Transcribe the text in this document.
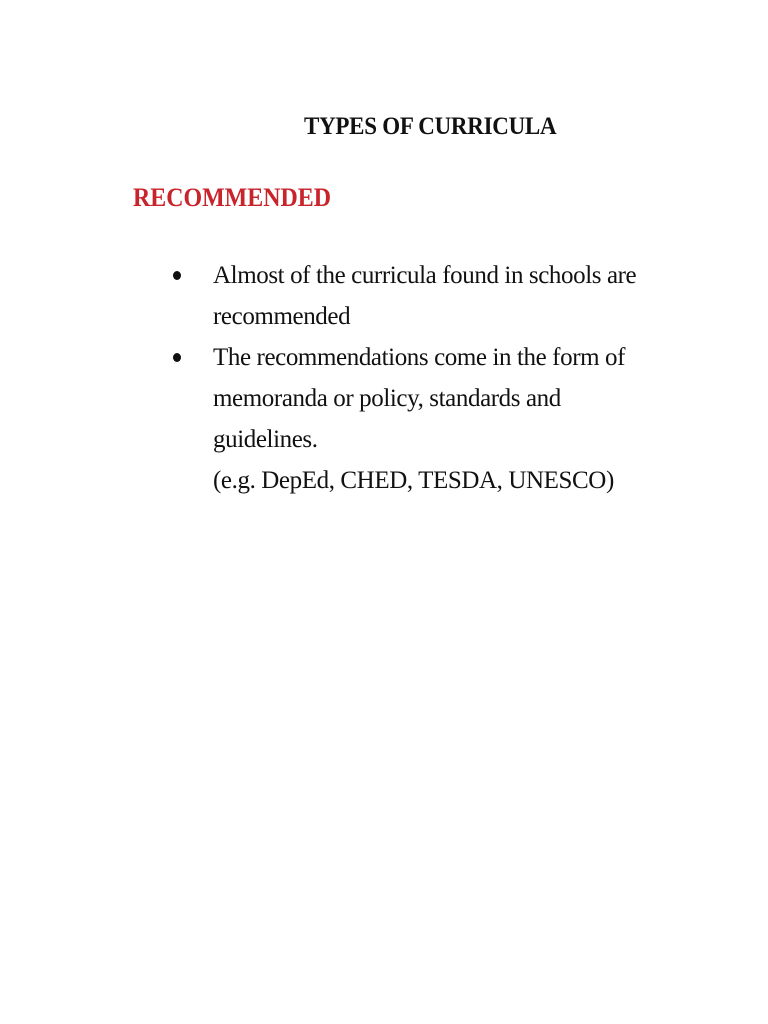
TYPES OF CURRICULA
RECOMMENDED
Almost of the curricula found in schools are
recommended
The recommendations come in the form of
memoranda or policy, standards and
guidelines.
(e.g. DepEd, CHED, TESDA, UNESCO)
